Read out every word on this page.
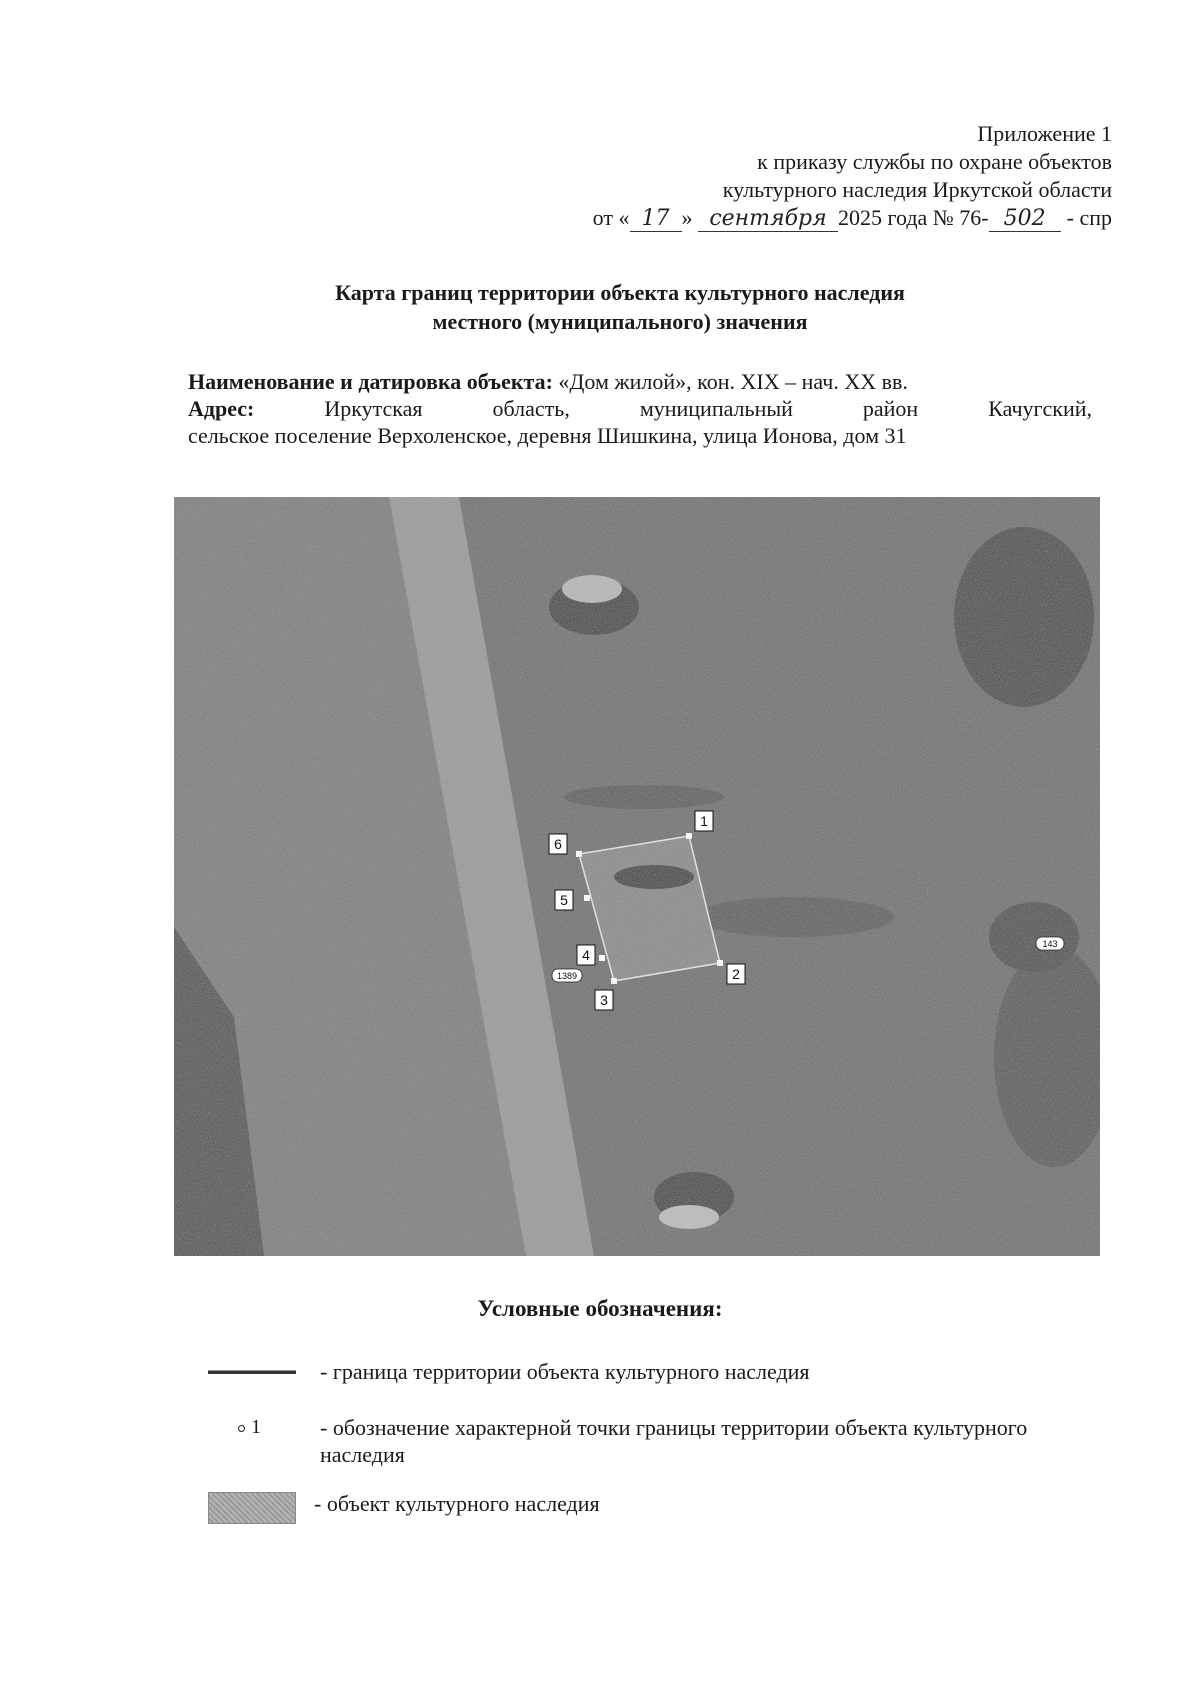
Приложение 1
к приказу службы по охране объектов
культурного наследия Иркутской области
от « 17 » сентября 2025 года № 76- 502 - спр
Карта границ территории объекта культурного наследия
местного (муниципального) значения
Наименование и датировка объекта: «Дом жилой», кон. XIX – нач. XX вв.
Адрес:	Иркутская	область,	муниципальный	район	Качугский,
сельское поселение Верхоленское, деревня Шишкина, улица Ионова, дом 31
1
2
3
4
5
6
1389
143
Условные обозначения:
- граница территории объекта культурного наследия
1	- обозначение характерной точки границы территории объекта культурного наследия
- объект культурного наследия
